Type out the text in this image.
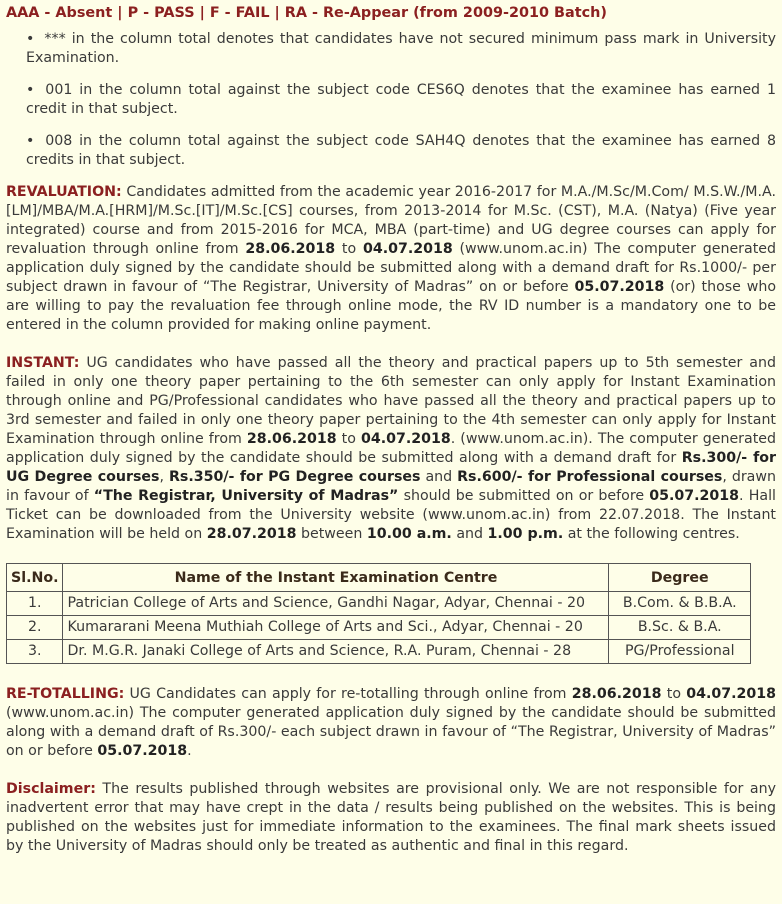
AAA - Absent | P - PASS | F - FAIL | RA - Re-Appear (from 2009-2010 Batch)
• *** in the column total denotes that candidates have not secured minimum pass mark in University Examination.
• 001 in the column total against the subject code CES6Q denotes that the examinee has earned 1 credit in that subject.
• 008 in the column total against the subject code SAH4Q denotes that the examinee has earned 8 credits in that subject.

REVALUATION: Candidates admitted from the academic year 2016-2017 for M.A./M.Sc/M.Com/ M.S.W./M.A.[LM]/MBA/M.A.[HRM]/M.Sc.[IT]/M.Sc.[CS] courses, from 2013-2014 for M.Sc. (CST), M.A. (Natya) (Five year integrated) course and from 2015-2016 for MCA, MBA (part-time) and UG degree courses can apply for revaluation through online from 28.06.2018 to 04.07.2018 (www.unom.ac.in) The computer generated application duly signed by the candidate should be submitted along with a demand draft for Rs.1000/- per subject drawn in favour of “The Registrar, University of Madras” on or before 05.07.2018 (or) those who are willing to pay the revaluation fee through online mode, the RV ID number is a mandatory one to be entered in the column provided for making online payment.

INSTANT: UG candidates who have passed all the theory and practical papers up to 5th semester and failed in only one theory paper pertaining to the 6th semester can only apply for Instant Examination through online and PG/Professional candidates who have passed all the theory and practical papers up to 3rd semester and failed in only one theory paper pertaining to the 4th semester can only apply for Instant Examination through online from 28.06.2018 to 04.07.2018. (www.unom.ac.in). The computer generated application duly signed by the candidate should be submitted along with a demand draft for Rs.300/- for UG Degree courses, Rs.350/- for PG Degree courses and Rs.600/- for Professional courses, drawn in favour of “The Registrar, University of Madras” should be submitted on or before 05.07.2018. Hall Ticket can be downloaded from the University website (www.unom.ac.in) from 22.07.2018. The Instant Examination will be held on 28.07.2018 between 10.00 a.m. and 1.00 p.m. at the following centres.

Sl.No.	Name of the Instant Examination Centre	Degree
1.	Patrician College of Arts and Science, Gandhi Nagar, Adyar, Chennai - 20	B.Com. & B.B.A.
2.	Kumararani Meena Muthiah College of Arts and Sci., Adyar, Chennai - 20	B.Sc. & B.A.
3.	Dr. M.G.R. Janaki College of Arts and Science, R.A. Puram, Chennai - 28	PG/Professional

RE-TOTALLING: UG Candidates can apply for re-totalling through online from 28.06.2018 to 04.07.2018 (www.unom.ac.in) The computer generated application duly signed by the candidate should be submitted along with a demand draft of Rs.300/- each subject drawn in favour of “The Registrar, University of Madras” on or before 05.07.2018.

Disclaimer: The results published through websites are provisional only. We are not responsible for any inadvertent error that may have crept in the data / results being published on the websites. This is being published on the websites just for immediate information to the examinees. The final mark sheets issued by the University of Madras should only be treated as authentic and final in this regard.
